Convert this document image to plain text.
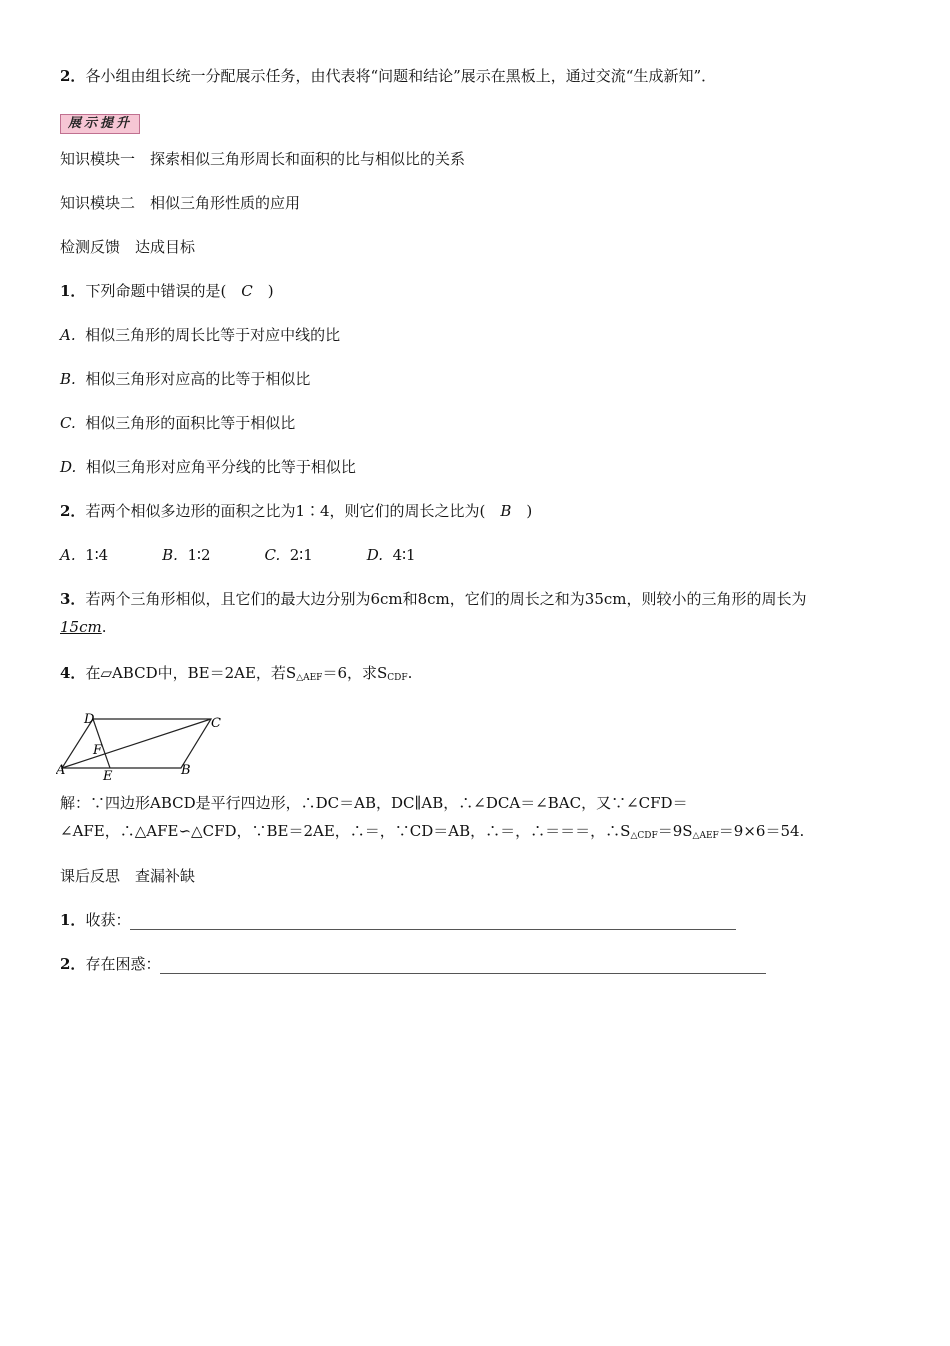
2．各小组由组长统一分配展示任务，由代表将“问题和结论”展示在黑板上，通过交流“生成新知”．
展示提升
知识模块一　探索相似三角形周长和面积的比与相似比的关系
知识模块二　相似三角形性质的应用
检测反馈　达成目标
1．下列命题中错误的是(　C　)
A. 相似三角形的周长比等于对应中线的比
B. 相似三角形对应高的比等于相似比
C. 相似三角形的面积比等于相似比
D. 相似三角形对应角平分线的比等于相似比
2．若两个相似多边形的面积之比为1∶4，则它们的周长之比为(　B　)
A. 1∶4	B. 1∶2	C. 2∶1	D. 4∶1
3．若两个三角形相似，且它们的最大边分别为6cm和8cm，它们的周长之和为35cm，则较小的三角形的周长为
15cm.
4．在▱ABCD中，BE＝2AE，若$S_{\triangle AEF}=6$，求$S_{CDF}$.
D	C
F
A	E	B
解：∵四边形ABCD是平行四边形，∴DC＝AB，DC∥AB，∴∠DCA＝∠BAC，又∵∠CFD＝
∠AFE，∴△AFE∽△CFD，∵BE＝2AE，∴＝，∵CD＝AB，∴＝，∴＝＝＝，$\therefore S_{\triangle CDF}=9S_{\triangle AEF}=9\times 6=54$.
课后反思　查漏补缺
1．收获：
2．存在困惑：
